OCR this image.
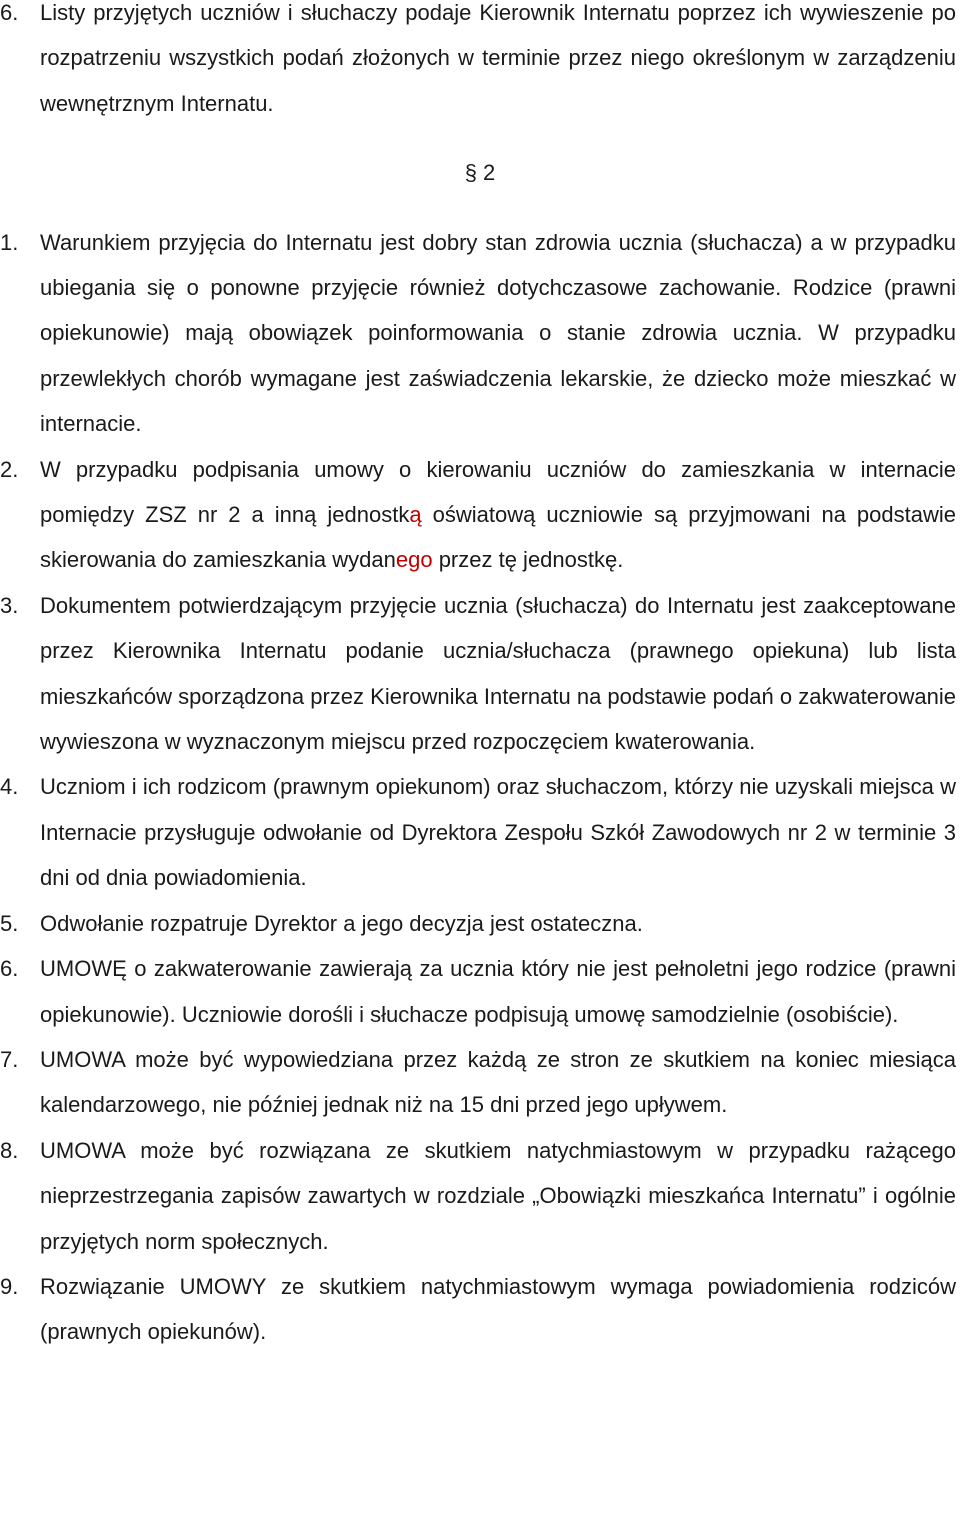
6. Listy przyjętych uczniów i słuchaczy podaje Kierownik Internatu poprzez ich wywieszenie po rozpatrzeniu wszystkich podań złożonych w terminie przez niego określonym w zarządzeniu wewnętrznym Internatu.
§ 2
1. Warunkiem przyjęcia do Internatu jest dobry stan zdrowia ucznia (słuchacza) a w przypadku ubiegania się o ponowne przyjęcie również dotychczasowe zachowanie. Rodzice (prawni opiekunowie) mają obowiązek poinformowania o stanie zdrowia ucznia. W przypadku przewlekłych chorób wymagane jest zaświadczenia lekarskie, że dziecko może mieszkać w internacie.
2. W przypadku podpisania umowy o kierowaniu uczniów do zamieszkania w internacie pomiędzy ZSZ nr 2 a inną jednostką oświatową uczniowie są przyjmowani na podstawie skierowania do zamieszkania wydanego przez tę jednostkę.
3. Dokumentem potwierdzającym przyjęcie ucznia (słuchacza) do Internatu jest zaakceptowane przez Kierownika Internatu podanie ucznia/słuchacza (prawnego opiekuna) lub lista mieszkańców sporządzona przez Kierownika Internatu na podstawie podań o zakwaterowanie wywieszona w wyznaczonym miejscu przed rozpoczęciem kwaterowania.
4. Uczniom i ich rodzicom (prawnym opiekunom) oraz słuchaczom, którzy nie uzyskali miejsca w Internacie przysługuje odwołanie od Dyrektora Zespołu Szkół Zawodowych nr 2 w terminie 3 dni od dnia powiadomienia.
5. Odwołanie rozpatruje Dyrektor a jego decyzja jest ostateczna.
6. UMOWĘ o zakwaterowanie zawierają za ucznia który nie jest pełnoletni jego rodzice (prawni opiekunowie). Uczniowie dorośli i słuchacze podpisują umowę samodzielnie (osobiście).
7. UMOWA może być wypowiedziana przez każdą ze stron ze skutkiem na koniec miesiąca kalendarzowego, nie później jednak niż na 15 dni przed jego upływem.
8. UMOWA może być rozwiązana ze skutkiem natychmiastowym w przypadku rażącego nieprzestrzegania zapisów zawartych w rozdziale „Obowiązki mieszkańca Internatu” i ogólnie przyjętych norm społecznych.
9. Rozwiązanie UMOWY ze skutkiem natychmiastowym wymaga powiadomienia rodziców (prawnych opiekunów).
